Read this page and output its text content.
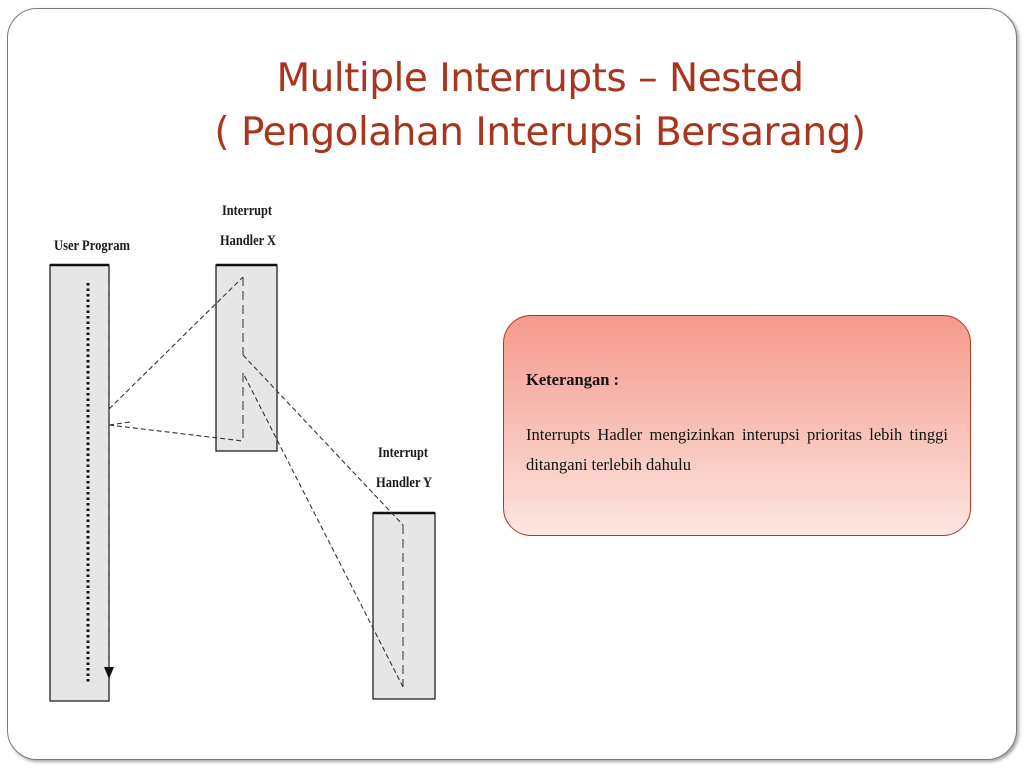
Multiple Interrupts – Nested
( Pengolahan Interupsi Bersarang)
User Program
Interrupt
Handler X
Interrupt
Handler Y

Keterangan :

Interrupts Hadler mengizinkan interupsi prioritas lebih tinggi ditangani terlebih dahulu
